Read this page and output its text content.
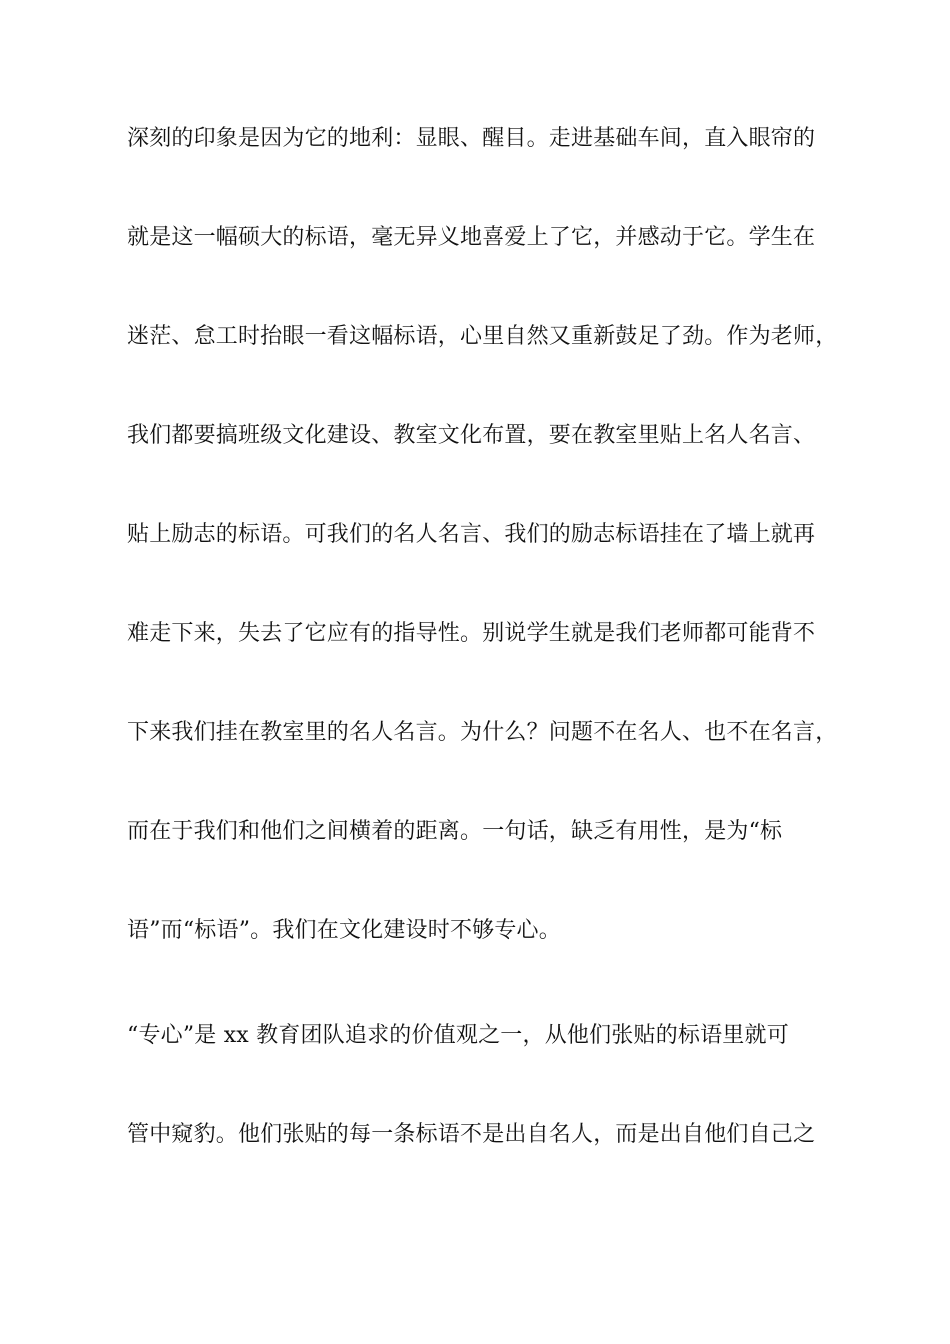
深刻的印象是因为它的地利：显眼、醒目。走进基础车间，直入眼帘的
就是这一幅硕大的标语，毫无异义地喜爱上了它，并感动于它。学生在
迷茫、怠工时抬眼一看这幅标语，心里自然又重新鼓足了劲。作为老师，
我们都要搞班级文化建设、教室文化布置，要在教室里贴上名人名言、
贴上励志的标语。可我们的名人名言、我们的励志标语挂在了墙上就再
难走下来，失去了它应有的指导性。别说学生就是我们老师都可能背不
下来我们挂在教室里的名人名言。为什么？问题不在名人、也不在名言，
而在于我们和他们之间横着的距离。一句话，缺乏有用性，是为“标
语”而“标语”。我们在文化建设时不够专心。
“专心”是 xx 教育团队追求的价值观之一，从他们张贴的标语里就可
管中窥豹。他们张贴的每一条标语不是出自名人，而是出自他们自己之
